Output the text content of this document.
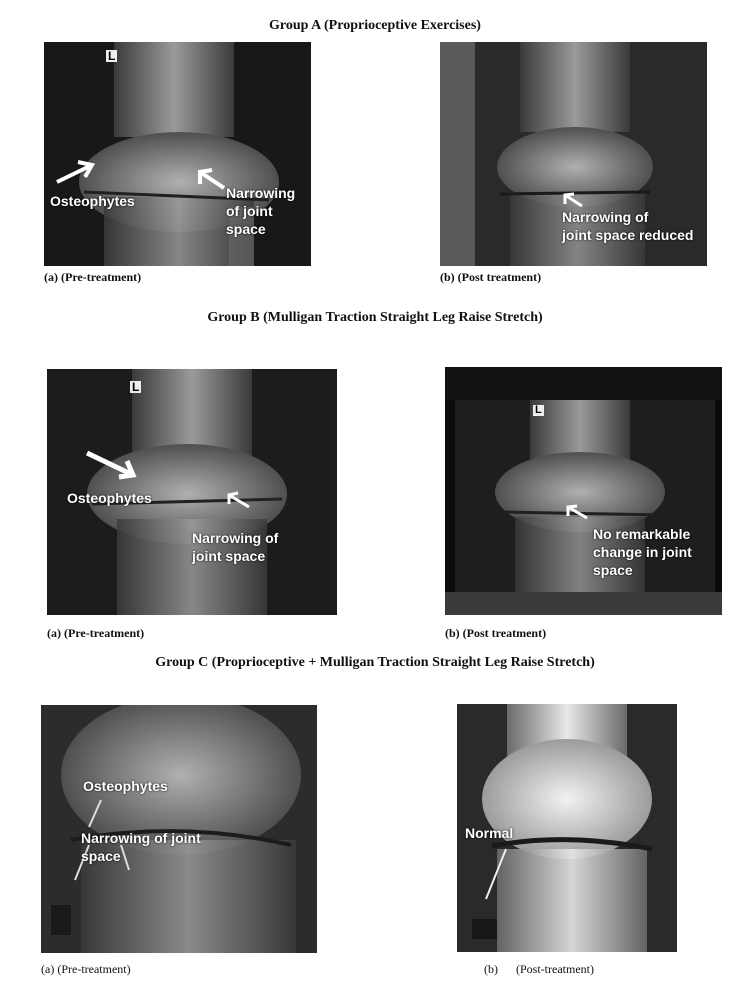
Group A (Proprioceptive Exercises)
L
Osteophytes	Narrowing
of joint
space
(a) (Pre-treatment)
Narrowing of
joint space reduced
(b) (Post treatment)
Group B (Mulligan Traction Straight Leg Raise Stretch)
L
Osteophytes
Narrowing of
joint space
(a) (Pre-treatment)
L
No remarkable
change in joint
space
(b) (Post treatment)
Group C (Proprioceptive + Mulligan Traction Straight Leg Raise Stretch)
Osteophytes
Narrowing of joint
space
(a) (Pre-treatment)
Normal
(b) (Post-treatment)
